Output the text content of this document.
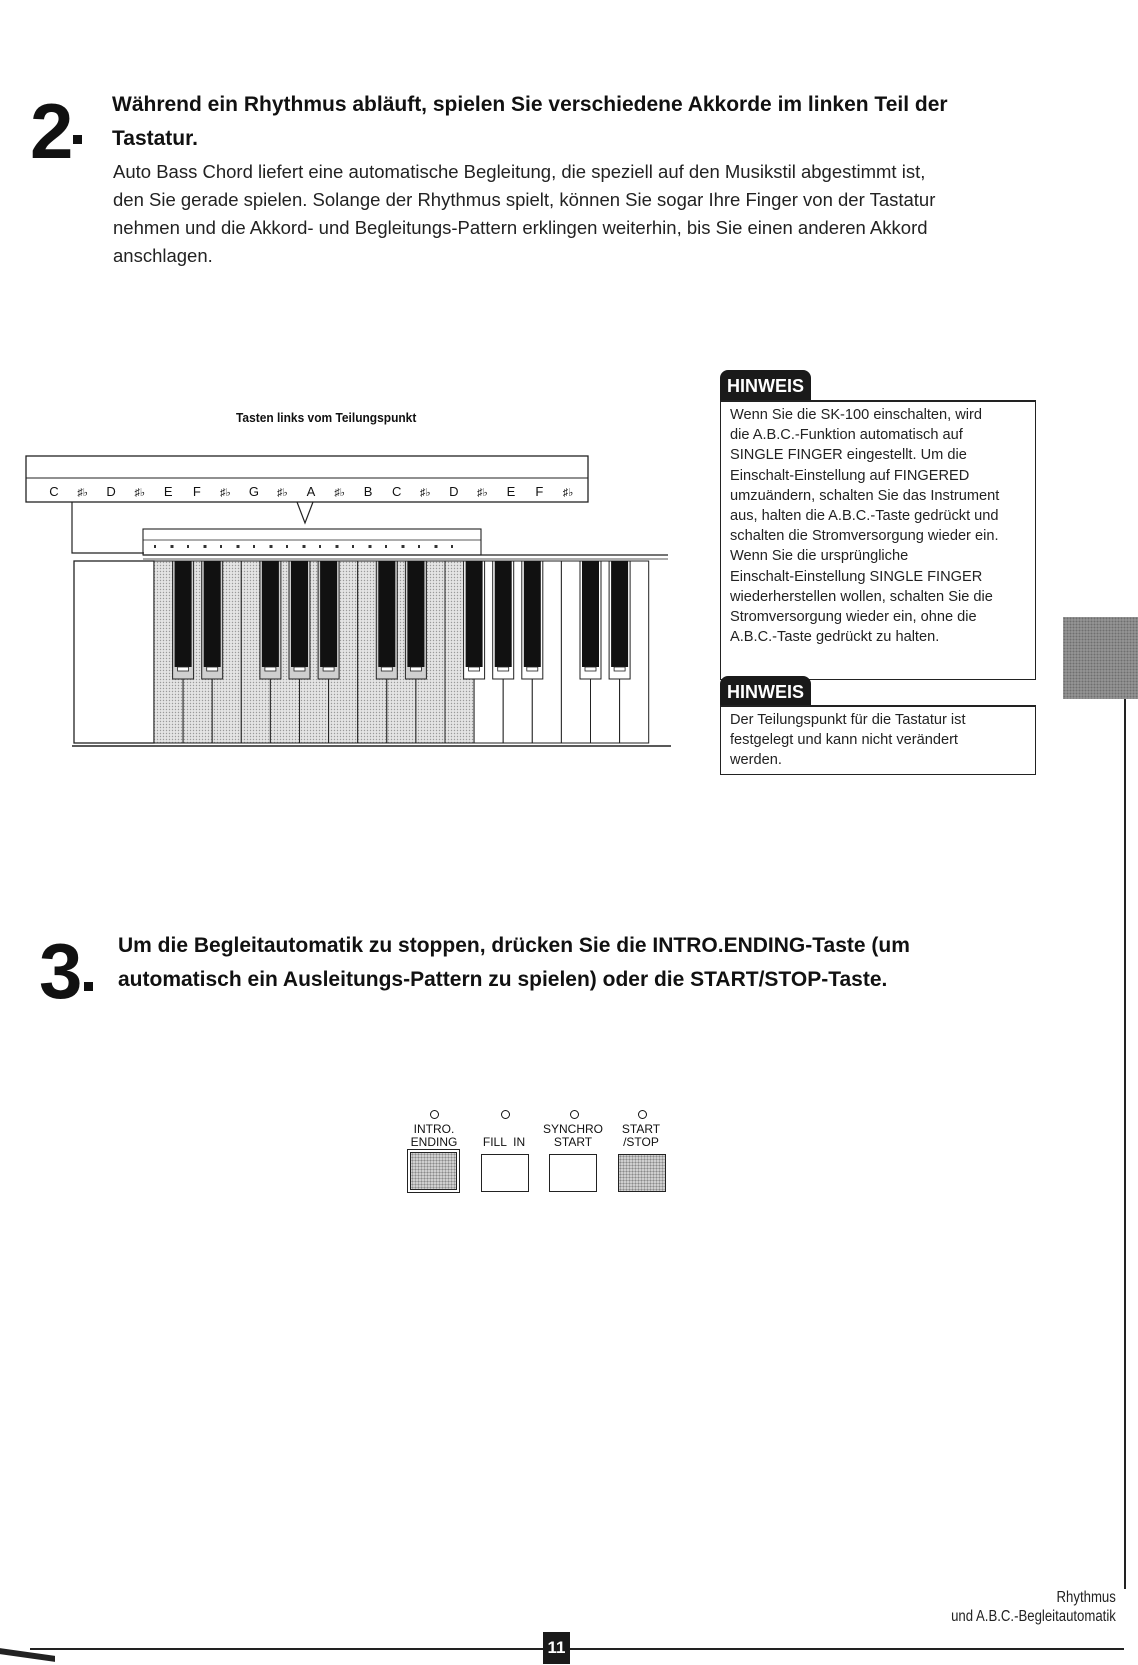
2 Während ein Rhythmus abläuft, spielen Sie verschiedene Akkorde im linken Teil der
Tastatur.
Auto Bass Chord liefert eine automatische Begleitung, die speziell auf den Musikstil abgestimmt ist,
den Sie gerade spielen. Solange der Rhythmus spielt, können Sie sogar Ihre Finger von der Tastatur
nehmen und die Akkord- und Begleitungs-Pattern erklingen weiterhin, bis Sie einen anderen Akkord
anschlagen.
Tasten links vom Teilungspunkt
C ♯♭ D ♯♭ E F ♯♭ G ♯♭ A ♯♭ B C ♯♭ D ♯♭ E F ♯♭
HINWEIS
Wenn Sie die SK-100 einschalten, wird
die A.B.C.-Funktion automatisch auf
SINGLE FINGER eingestellt. Um die
Einschalt-Einstellung auf FINGERED
umzuändern, schalten Sie das Instrument
aus, halten die A.B.C.-Taste gedrückt und
schalten die Stromversorgung wieder ein.
Wenn Sie die ursprüngliche
Einschalt-Einstellung SINGLE FINGER
wiederherstellen wollen, schalten Sie die
Stromversorgung wieder ein, ohne die
A.B.C.-Taste gedrückt zu halten.
HINWEIS
Der Teilungspunkt für die Tastatur ist
festgelegt und kann nicht verändert
werden.
3 Um die Begleitautomatik zu stoppen, drücken Sie die INTRO.ENDING-Taste (um
automatisch ein Ausleitungs-Pattern zu spielen) oder die START/STOP-Taste.
INTRO.
ENDING	FILL  IN
SYNCHRO
START
START
/STOP
Rhythmus
und A.B.C.-Begleitautomatik
11
